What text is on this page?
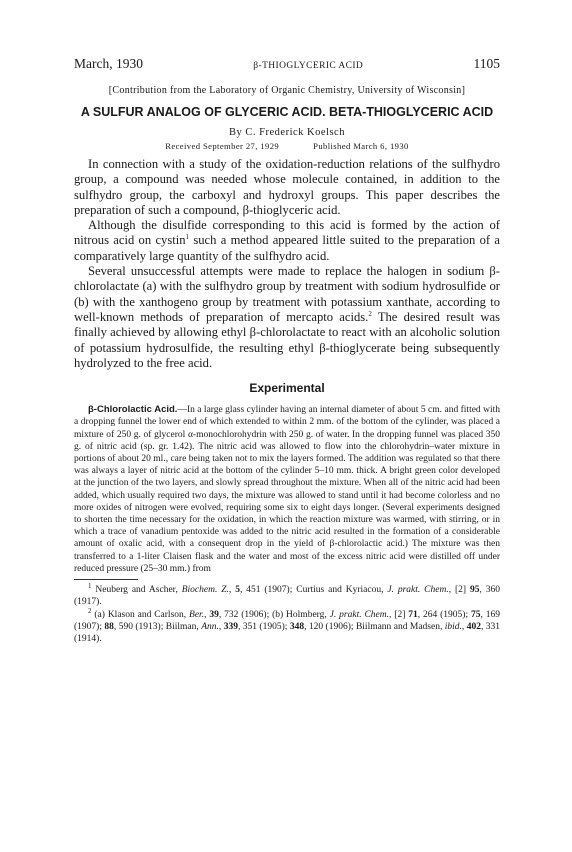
March, 1930	β-THIOGLYCERIC ACID	1105
[Contribution from the Laboratory of Organic Chemistry, University of Wisconsin]
A SULFUR ANALOG OF GLYCERIC ACID. BETA-THIOGLYCERIC ACID
By C. Frederick Koelsch
Received September 27, 1929	Published March 6, 1930

In connection with a study of the oxidation-reduction relations of the sulfhydro group, a compound was needed whose molecule contained, in addition to the sulfhydro group, the carboxyl and hydroxyl groups. This paper describes the preparation of such a compound, β-thioglyceric acid.

Although the disulfide corresponding to this acid is formed by the action of nitrous acid on cystin$^1$ such a method appeared little suited to the preparation of a comparatively large quantity of the sulfhydro acid.

Several unsuccessful attempts were made to replace the halogen in sodium β-chlorolactate (a) with the sulfhydro group by treatment with sodium hydrosulfide or (b) with the xanthogeno group by treatment with potassium xanthate, according to well-known methods of preparation of mercapto acids.$^2$ The desired result was finally achieved by allowing ethyl β-chlorolactate to react with an alcoholic solution of potassium hydrosulfide, the resulting ethyl β-thioglycerate being subsequently hydrolyzed to the free acid.

Experimental

β-Chlorolactic Acid.—In a large glass cylinder having an internal diameter of about 5 cm. and fitted with a dropping funnel the lower end of which extended to within 2 mm. of the bottom of the cylinder, was placed a mixture of 250 g. of glycerol α-monochlorohydrin with 250 g. of water. In the dropping funnel was placed 350 g. of nitric acid (sp. gr. 1.42). The nitric acid was allowed to flow into the chlorohydrin–water mixture in portions of about 20 ml., care being taken not to mix the layers formed. The addition was regulated so that there was always a layer of nitric acid at the bottom of the cylinder 5–10 mm. thick. A bright green color developed at the junction of the two layers, and slowly spread throughout the mixture. When all of the nitric acid had been added, which usually required two days, the mixture was allowed to stand until it had become colorless and no more oxides of nitrogen were evolved, requiring some six to eight days longer. (Several experiments designed to shorten the time necessary for the oxidation, in which the reaction mixture was warmed, with stirring, or in which a trace of vanadium pentoxide was added to the nitric acid resulted in the formation of a considerable amount of oxalic acid, with a consequent drop in the yield of β-chlorolactic acid.) The mixture was then transferred to a 1-liter Claisen flask and the water and most of the excess nitric acid were distilled off under reduced pressure (25–30 mm.) from

$^1$ Neuberg and Ascher, Biochem. Z., 5, 451 (1907); Curtius and Kyriacou, J. prakt. Chem., [2] 95, 360 (1917).

$^2$ (a) Klason and Carlson, Ber., 39, 732 (1906); (b) Holmberg, J. prakt. Chem., [2] 71, 264 (1905); 75, 169 (1907); 88, 590 (1913); Biilman, Ann., 339, 351 (1905); 348, 120 (1906); Biilmann and Madsen, ibid., 402, 331 (1914).
